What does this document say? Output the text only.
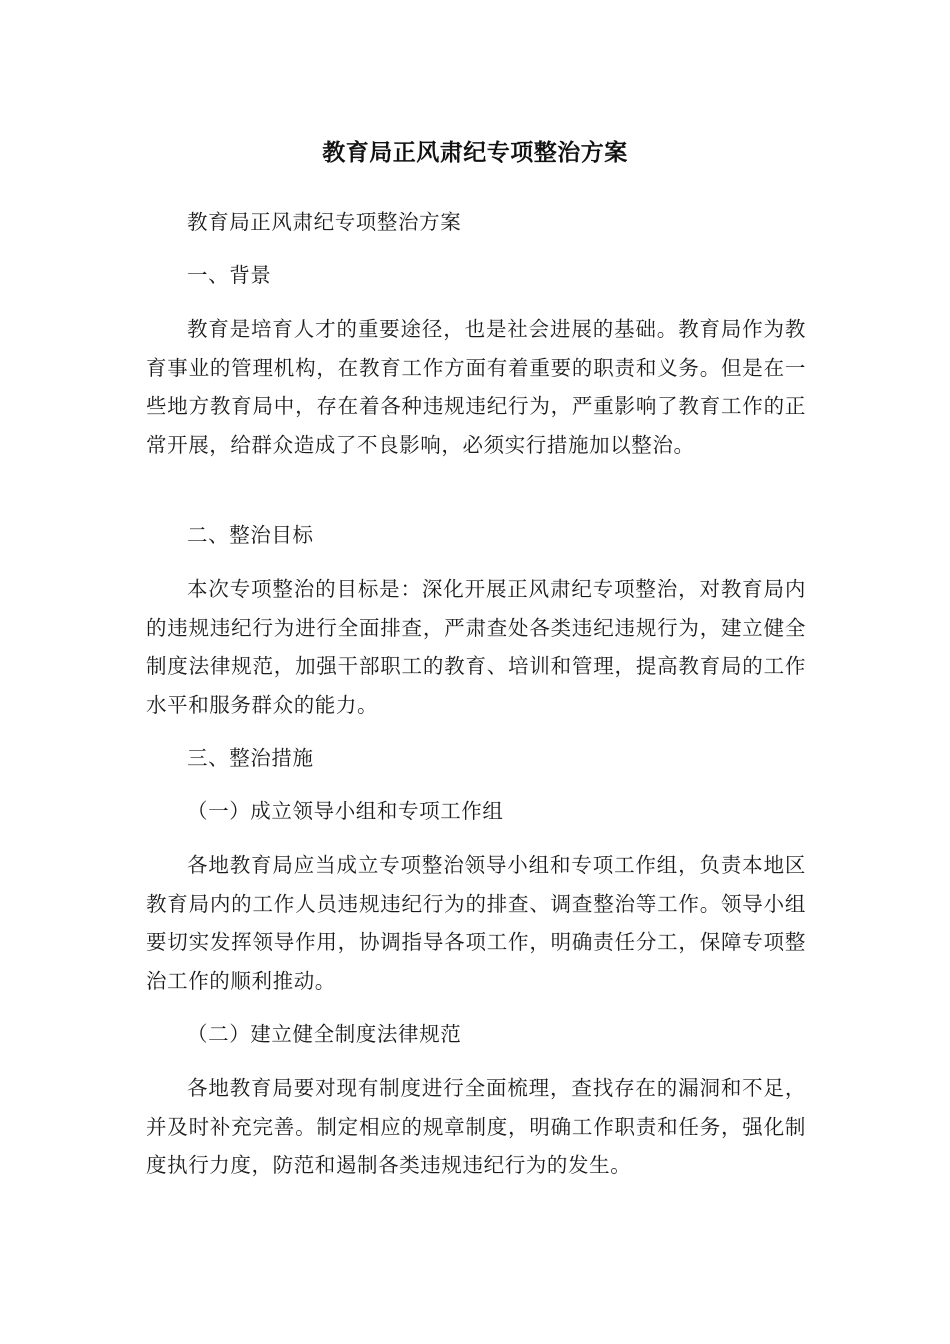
教育局正风肃纪专项整治方案

教育局正风肃纪专项整治方案

一、背景

教育是培育人才的重要途径，也是社会进展的基础。教育局作为教育事业的管理机构，在教育工作方面有着重要的职责和义务。但是在一些地方教育局中，存在着各种违规违纪行为，严重影响了教育工作的正常开展，给群众造成了不良影响，必须实行措施加以整治。

二、整治目标

本次专项整治的目标是：深化开展正风肃纪专项整治，对教育局内的违规违纪行为进行全面排查，严肃查处各类违纪违规行为，建立健全制度法律规范，加强干部职工的教育、培训和管理，提高教育局的工作水平和服务群众的能力。

三、整治措施

（一）成立领导小组和专项工作组

各地教育局应当成立专项整治领导小组和专项工作组，负责本地区教育局内的工作人员违规违纪行为的排查、调查整治等工作。领导小组要切实发挥领导作用，协调指导各项工作，明确责任分工，保障专项整治工作的顺利推动。

（二）建立健全制度法律规范

各地教育局要对现有制度进行全面梳理，查找存在的漏洞和不足，并及时补充完善。制定相应的规章制度，明确工作职责和任务，强化制度执行力度，防范和遏制各类违规违纪行为的发生。
